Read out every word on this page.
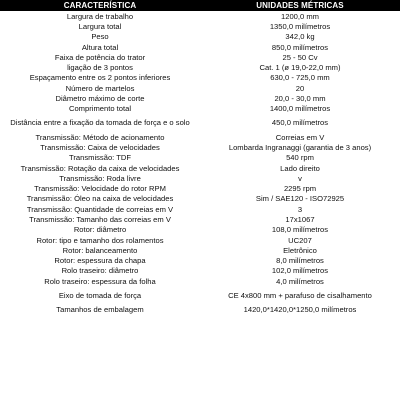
CARACTERÍSTICA	UNIDADES MÉTRICAS
Largura de trabalho	1200,0 mm
Largura total	1350,0 milímetros
Peso	342,0 kg
Altura total	850,0 milímetros
Faixa de potência do trator	25 - 50 Cv
ligação de 3 pontos	Cat. 1 (ø 19,0-22,0 mm)
Espaçamento entre os 2 pontos inferiores	630,0 - 725,0 mm
Número de martelos	20
Diâmetro máximo de corte	20,0 - 30,0 mm
Comprimento total	1400,0 milímetros
Distância entre a fixação da tomada de força e o solo	450,0 milímetros
Transmissão: Método de acionamento	Correias em V
Transmissão: Caixa de velocidades	Lombarda Ingranaggi (garantia de 3 anos)
Transmissão: TDF	540 rpm
Transmissão: Rotação da caixa de velocidades	Lado direito
Transmissão: Roda livre	v
Transmissão: Velocidade do rotor RPM	2295 rpm
Transmissão: Óleo na caixa de velocidades	Sim / SAE120 - ISO72925
Transmissão: Quantidade de correias em V	3
Transmissão: Tamanho das correias em V	17x1067
Rotor: diâmetro	108,0 milímetros
Rotor: tipo e tamanho dos rolamentos	UC207
Rotor: balanceamento	Eletrônico
Rotor: espessura da chapa	8,0 milímetros
Rolo traseiro: diâmetro	102,0 milímetros
Rolo traseiro: espessura da folha	4,0 milímetros
Eixo de tomada de força	CE 4x800 mm + parafuso de cisalhamento
Tamanhos de embalagem	1420,0*1420,0*1250,0 milímetros
